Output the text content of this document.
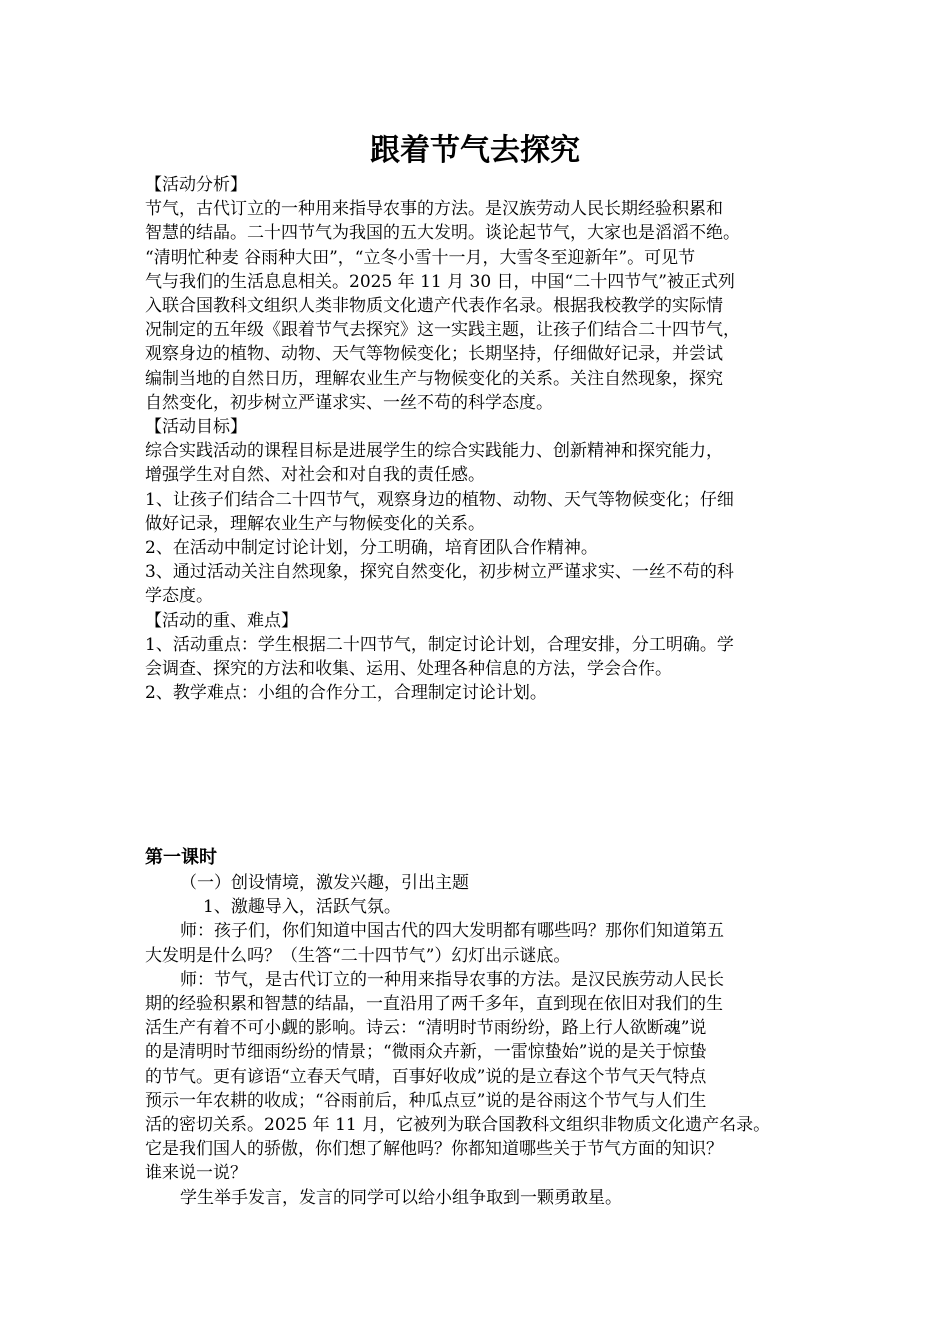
跟着节气去探究

【活动分析】

节气，古代订立的一种用来指导农事的方法。是汉族劳动人民长期经验积累和

智慧的结晶。二十四节气为我国的五大发明。谈论起节气，大家也是滔滔不绝。

“清明忙种麦 谷雨种大田”，“立冬小雪十一月，大雪冬至迎新年”。可见节

气与我们的生活息息相关。2025 年 11 月 30 日，中国“二十四节气”被正式列

入联合国教科文组织人类非物质文化遗产代表作名录。根据我校教学的实际情

况制定的五年级《跟着节气去探究》这一实践主题，让孩子们结合二十四节气，

观察身边的植物、动物、天气等物候变化；长期坚持，仔细做好记录，并尝试

编制当地的自然日历，理解农业生产与物候变化的关系。关注自然现象，探究

自然变化，初步树立严谨求实、一丝不苟的科学态度。

【活动目标】

综合实践活动的课程目标是进展学生的综合实践能力、创新精神和探究能力，

增强学生对自然、对社会和对自我的责任感。

1、让孩子们结合二十四节气，观察身边的植物、动物、天气等物候变化；仔细

做好记录，理解农业生产与物候变化的关系。

2、在活动中制定讨论计划，分工明确，培育团队合作精神。

3、通过活动关注自然现象，探究自然变化，初步树立严谨求实、一丝不苟的科

学态度。

【活动的重、难点】

1、活动重点：学生根据二十四节气，制定讨论计划，合理安排，分工明确。学

会调查、探究的方法和收集、运用、处理各种信息的方法，学会合作。

2、教学难点：小组的合作分工，合理制定讨论计划。

第一课时

（一）创设情境，激发兴趣，引出主题

1、激趣导入，活跃气氛。

师：孩子们，你们知道中国古代的四大发明都有哪些吗？那你们知道第五

大发明是什么吗？（生答“二十四节气”）幻灯出示谜底。

师：节气，是古代订立的一种用来指导农事的方法。是汉民族劳动人民长

期的经验积累和智慧的结晶，一直沿用了两千多年，直到现在依旧对我们的生

活生产有着不可小觑的影响。诗云：“清明时节雨纷纷，路上行人欲断魂”说

的是清明时节细雨纷纷的情景；“微雨众卉新，一雷惊蛰始”说的是关于惊蛰

的节气。更有谚语“立春天气晴，百事好收成”说的是立春这个节气天气特点

预示一年农耕的收成；“谷雨前后，种瓜点豆”说的是谷雨这个节气与人们生

活的密切关系。2025 年 11 月，它被列为联合国教科文组织非物质文化遗产名录。

它是我们国人的骄傲，你们想了解他吗？你都知道哪些关于节气方面的知识？

谁来说一说？

学生举手发言，发言的同学可以给小组争取到一颗勇敢星。
